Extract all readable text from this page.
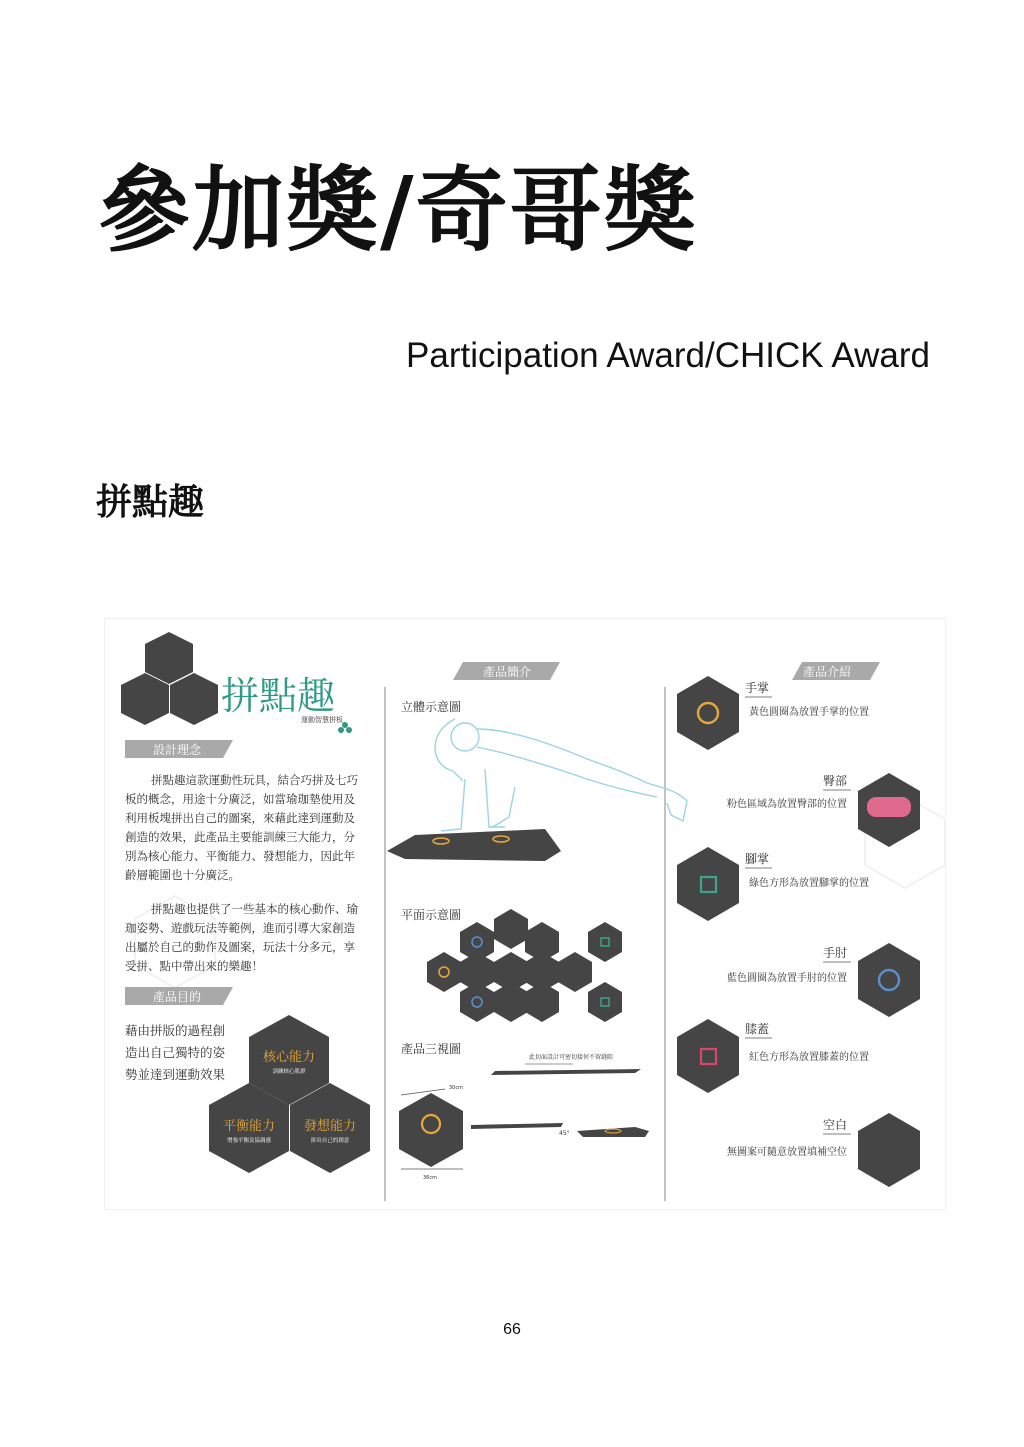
參加獎/奇哥獎
Participation Award/CHICK Award
拼點趣
拼點趣
運動智慧拼板
設計理念
拼點趣這款運動性玩具，結合巧拼及七巧
板的概念，用途十分廣泛，如當瑜珈墊使用及
利用板塊拼出自己的圖案，來藉此達到運動及
創造的效果，此產品主要能訓練三大能力，分
別為核心能力、平衡能力、發想能力，因此年
齡層範圍也十分廣泛。
拼點趣也提供了一些基本的核心動作、瑜
珈姿勢、遊戲玩法等範例，進而引導大家創造
出屬於自己的動作及圖案，玩法十分多元，享
受拼、點中帶出來的樂趣！
產品目的
藉由拼版的過程創
造出自己獨特的姿
勢並達到運動效果
核心能力
訓練核心肌群
平衡能力
增強平衡及協調感
發想能力
拼出自己的創意
產品簡介
立體示意圖
平面示意圖
產品三視圖
此切面設計可密切接何不留縫隙
30cm
36cm
45°
產品介紹
手掌
黃色圓圈為放置手掌的位置
臀部
粉色區域為放置臀部的位置
腳掌
綠色方形為放置腳掌的位置
手肘
藍色圓圈為放置手肘的位置
膝蓋
紅色方形為放置膝蓋的位置
空白
無圖案可隨意放置填補空位
66
